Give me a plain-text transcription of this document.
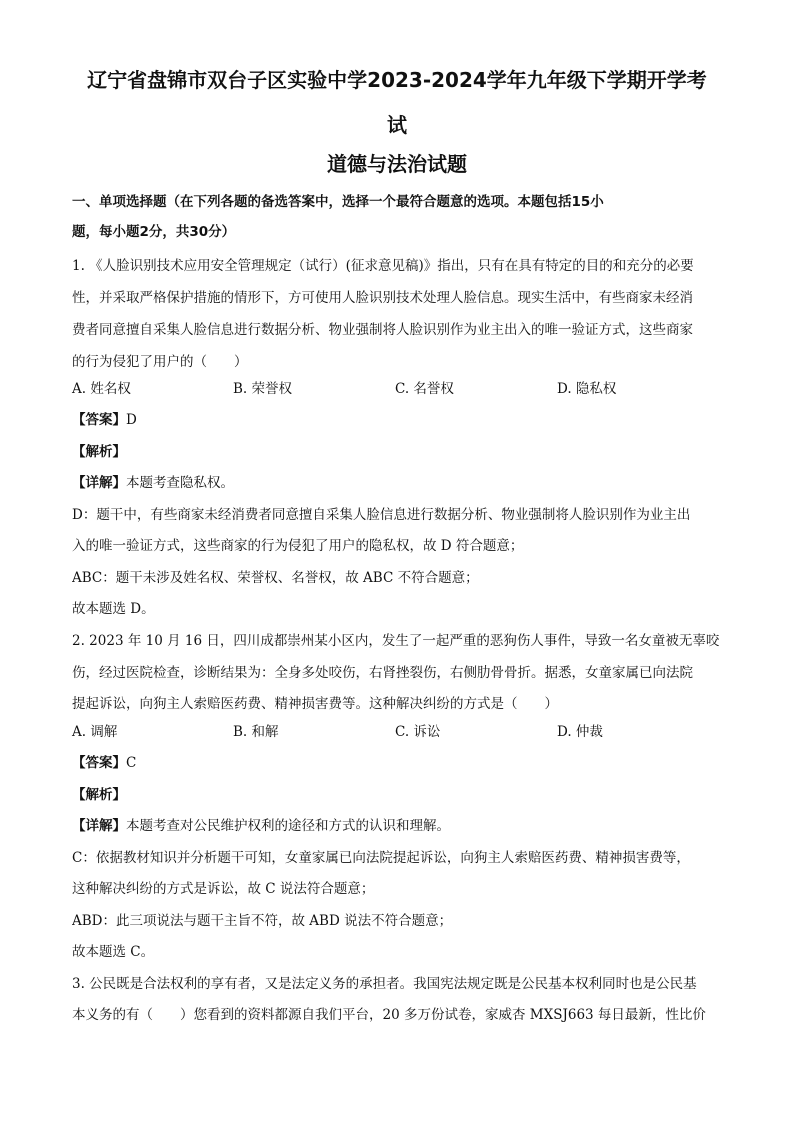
辽宁省盘锦市双台子区实验中学2023-2024学年九年级下学期开学考
试
道德与法治试题
一、单项选择题（在下列各题的备选答案中，选择一个最符合题意的选项。本题包括15小
题，每小题2分，共30分）
1. 《人脸识别技术应用安全管理规定（试行）(征求意见稿)》指出，只有在具有特定的目的和充分的必要
性，并采取严格保护措施的情形下，方可使用人脸识别技术处理人脸信息。现实生活中，有些商家未经消
费者同意擅自采集人脸信息进行数据分析、物业强制将人脸识别作为业主出入的唯一验证方式，这些商家
的行为侵犯了用户的（　　）
A. 姓名权	B. 荣誉权	C. 名誉权	D. 隐私权
【答案】D
【解析】
【详解】本题考查隐私权。
D：题干中，有些商家未经消费者同意擅自采集人脸信息进行数据分析、物业强制将人脸识别作为业主出
入的唯一验证方式，这些商家的行为侵犯了用户的隐私权，故 D 符合题意；
ABC：题干未涉及姓名权、荣誉权、名誉权，故 ABC 不符合题意；
故本题选 D。
2. 2023 年 10 月 16 日，四川成都崇州某小区内，发生了一起严重的恶狗伤人事件，导致一名女童被无辜咬
伤，经过医院检查，诊断结果为：全身多处咬伤，右肾挫裂伤，右侧肋骨骨折。据悉，女童家属已向法院
提起诉讼，向狗主人索赔医药费、精神损害费等。这种解决纠纷的方式是（　　）
A. 调解	B. 和解	C. 诉讼	D. 仲裁
【答案】C
【解析】
【详解】本题考查对公民维护权利的途径和方式的认识和理解。
C：依据教材知识并分析题干可知，女童家属已向法院提起诉讼，向狗主人索赔医药费、精神损害费等，
这种解决纠纷的方式是诉讼，故 C 说法符合题意；
ABD：此三项说法与题干主旨不符，故 ABD 说法不符合题意；
故本题选 C。
3. 公民既是合法权利的享有者，又是法定义务的承担者。我国宪法规定既是公民基本权利同时也是公民基
本义务的有（　　）您看到的资料都源自我们平台，20 多万份试卷，家威杏 MXSJ663 每日最新，性比价
